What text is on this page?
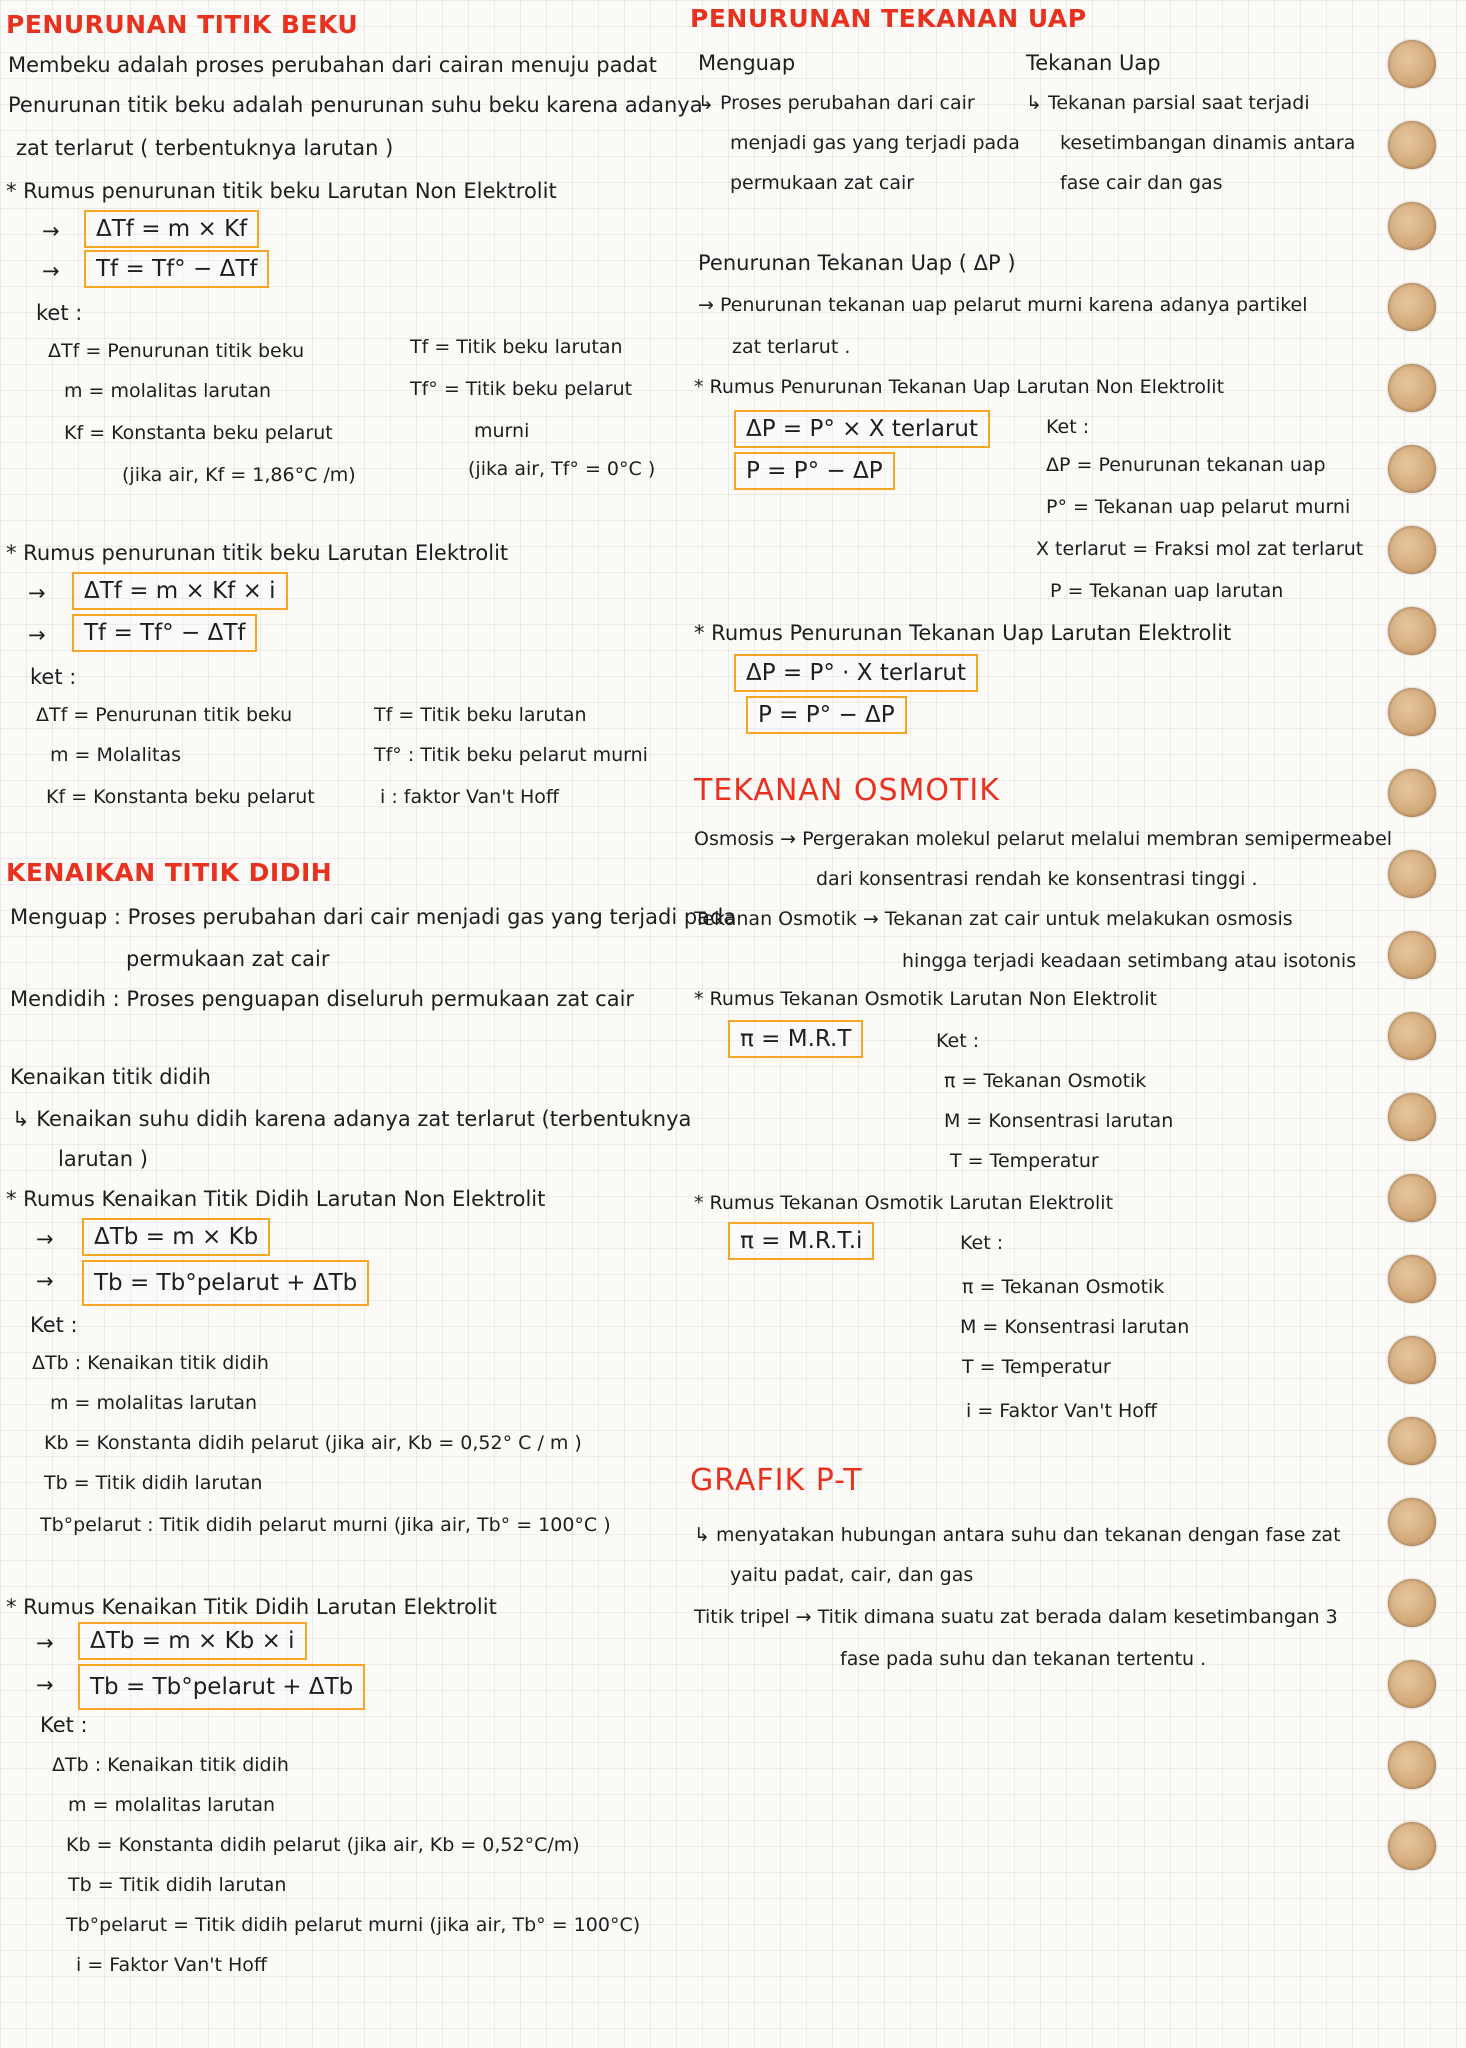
PENURUNAN TITIK BEKU
Membeku adalah proses perubahan dari cairan menuju padat
Penurunan titik beku adalah penurunan suhu beku karena adanya
zat terlarut ( terbentuknya larutan )
* Rumus penurunan titik beku Larutan Non Elektrolit
→	ΔTf = m × Kf
→	Tf = Tf° − ΔTf
ket :
ΔTf = Penurunan titik beku
m = molalitas larutan
Kf = Konstanta beku pelarut
(jika air, Kf = 1,86°C /m)
Tf = Titik beku larutan
Tf° = Titik beku pelarut
murni
(jika air, Tf° = 0°C )
* Rumus penurunan titik beku Larutan Elektrolit
→	ΔTf = m × Kf × i
→	Tf = Tf° − ΔTf
ket :
ΔTf = Penurunan titik beku
m = Molalitas
Kf = Konstanta beku pelarut
Tf = Titik beku larutan
Tf° : Titik beku pelarut murni
i : faktor Van't Hoff
KENAIKAN TITIK DIDIH
Menguap : Proses perubahan dari cair menjadi gas yang terjadi pada
permukaan zat cair
Mendidih : Proses penguapan diseluruh permukaan zat cair
Kenaikan titik didih
↳ Kenaikan suhu didih karena adanya zat terlarut (terbentuknya
larutan )
* Rumus Kenaikan Titik Didih Larutan Non Elektrolit
→	ΔTb = m × Kb
→	Tb = Tb°pelarut + ΔTb
Ket :
ΔTb : Kenaikan titik didih
m = molalitas larutan
Kb = Konstanta didih pelarut (jika air, Kb = 0,52° C / m )
Tb = Titik didih larutan
Tb°pelarut : Titik didih pelarut murni (jika air, Tb° = 100°C )
* Rumus Kenaikan Titik Didih Larutan Elektrolit
→	ΔTb = m × Kb × i
→	Tb = Tb°pelarut + ΔTb
Ket :
ΔTb : Kenaikan titik didih
m = molalitas larutan
Kb = Konstanta didih pelarut (jika air, Kb = 0,52°C/m)
Tb = Titik didih larutan
Tb°pelarut = Titik didih pelarut murni (jika air, Tb° = 100°C)
i = Faktor Van't Hoff
PENURUNAN TEKANAN UAP
Menguap
↳ Proses perubahan dari cair
menjadi gas yang terjadi pada
permukaan zat cair
Tekanan Uap
↳ Tekanan parsial saat terjadi
kesetimbangan dinamis antara
fase cair dan gas
Penurunan Tekanan Uap ( ΔP )
→ Penurunan tekanan uap pelarut murni karena adanya partikel
zat terlarut .
* Rumus Penurunan Tekanan Uap Larutan Non Elektrolit
ΔP = P° × X terlarut
P = P° − ΔP
Ket :
ΔP = Penurunan tekanan uap
P° = Tekanan uap pelarut murni
X terlarut = Fraksi mol zat terlarut
P = Tekanan uap larutan
* Rumus Penurunan Tekanan Uap Larutan Elektrolit
ΔP = P° · X terlarut
P = P° − ΔP
TEKANAN OSMOTIK
Osmosis → Pergerakan molekul pelarut melalui membran semipermeabel
dari konsentrasi rendah ke konsentrasi tinggi .
Tekanan Osmotik → Tekanan zat cair untuk melakukan osmosis
hingga terjadi keadaan setimbang atau isotonis
* Rumus Tekanan Osmotik Larutan Non Elektrolit
π = M.R.T	Ket :
π = Tekanan Osmotik
M = Konsentrasi larutan
T = Temperatur
* Rumus Tekanan Osmotik Larutan Elektrolit
π = M.R.T.i	Ket :
π = Tekanan Osmotik
M = Konsentrasi larutan
T = Temperatur
i = Faktor Van't Hoff
GRAFIK P-T
↳ menyatakan hubungan antara suhu dan tekanan dengan fase zat
yaitu padat, cair, dan gas
Titik tripel → Titik dimana suatu zat berada dalam kesetimbangan 3
fase pada suhu dan tekanan tertentu .
